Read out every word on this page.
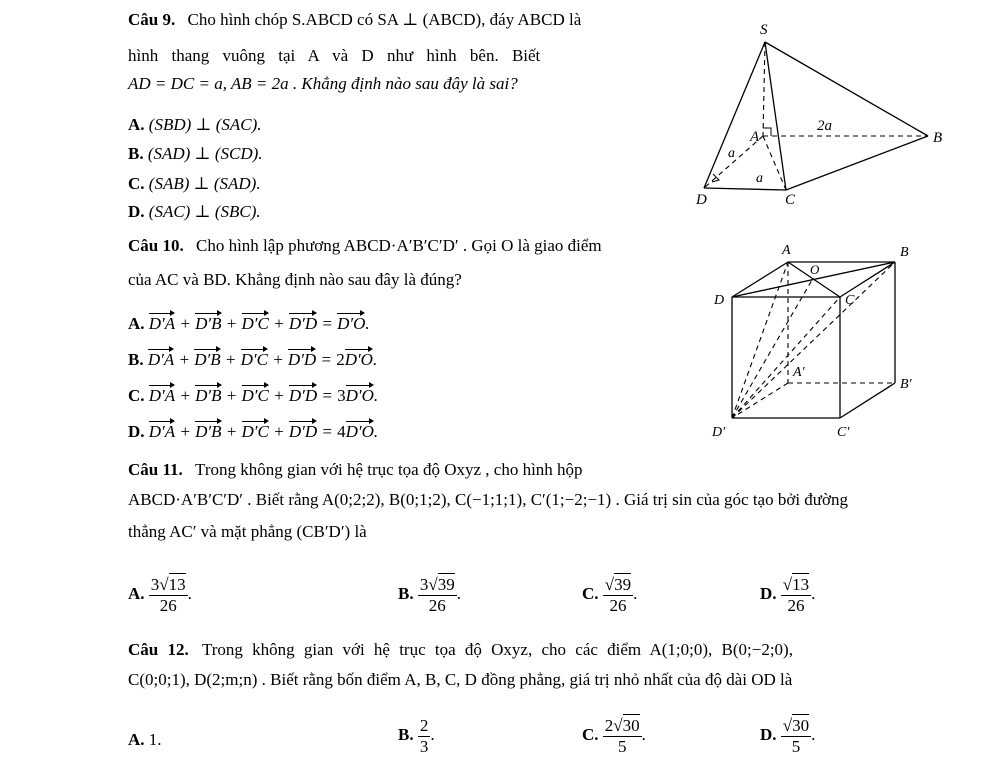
Câu 9. Cho hình chóp S.ABCD có SA ⊥ (ABCD), đáy ABCD là
hình thang vuông tại A và D như hình bên. Biết
AD = DC = a, AB = 2a . Khẳng định nào sau đây là sai?
A. (SBD) ⊥ (SAC).
B. (SAD) ⊥ (SCD).
C. (SAB) ⊥ (SAD).
D. (SAC) ⊥ (SBC).
S
A	B
C
D
2a
a
a
Câu 10. Cho hình lập phương ABCD·A′B′C′D′ . Gọi O là giao điểm
của AC và BD. Khẳng định nào sau đây là đúng?
A. D′A + D′B + D′C + D′D = D′O.
B. D′A + D′B + D′C + D′D = 2D′O.
C. D′A + D′B + D′C + D′D = 3D′O.
D. D′A + D′B + D′C + D′D = 4D′O.
A	B
C
D
O
A′
B′
C′
D′
Câu 11. Trong không gian với hệ trục tọa độ Oxyz , cho hình hộp
ABCD·A′B′C′D′ . Biết rằng A(0;2;2), B(0;1;2), C(−1;1;1), C′(1;−2;−1) . Giá trị sin của góc tạo bởi đường
thẳng AC′ và mặt phẳng (CB′D′) là
A. $\frac{3√13}{26}$ .	B. $\frac{3√39}{26}$ .	C. $\frac{√39}{26}$ .	D. $\frac{√13}{26}$ .
Câu 12. Trong không gian với hệ trục tọa độ Oxyz, cho các điểm A(1;0;0), B(0;−2;0),
C(0;0;1), D(2;m;n) . Biết rằng bốn điểm A, B, C, D đồng phẳng, giá trị nhỏ nhất của độ dài OD là
A. 1.	B. $\frac{2}{3}$ .	C. $\frac{2√30}{5}$ .	D. $\frac{√30}{5}$ .
